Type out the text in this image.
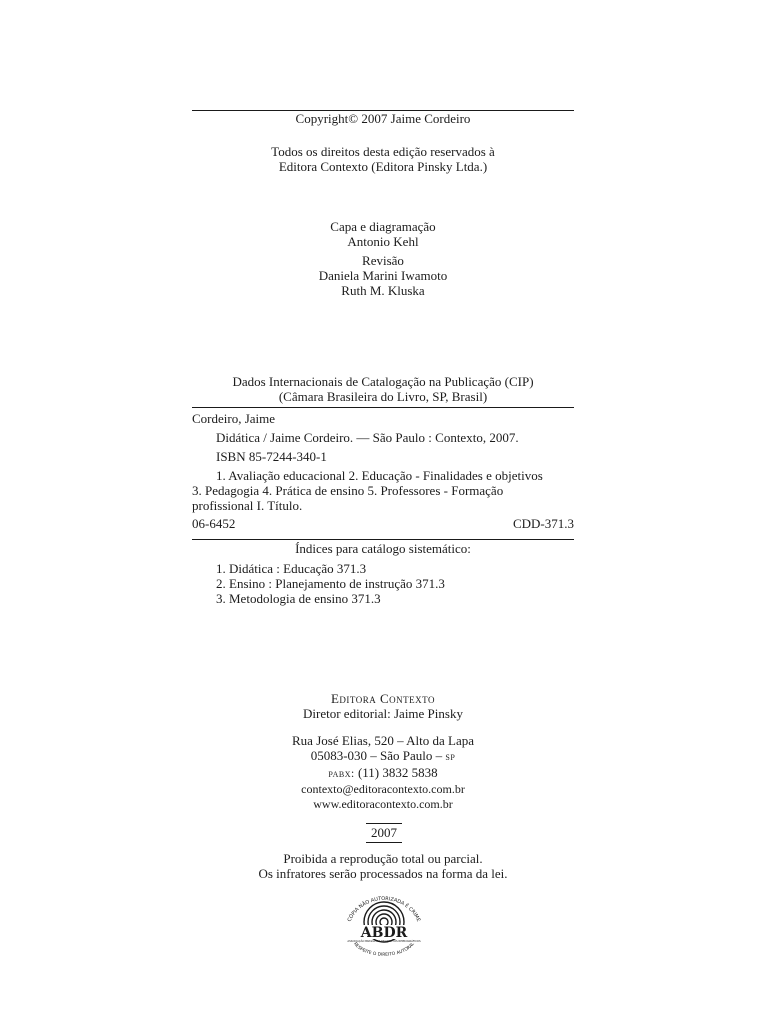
Copyright© 2007 Jaime Cordeiro
Todos os direitos desta edição reservados à
Editora Contexto (Editora Pinsky Ltda.)
Capa e diagramação
Antonio Kehl
Revisão
Daniela Marini Iwamoto
Ruth M. Kluska
Dados Internacionais de Catalogação na Publicação (CIP)
(Câmara Brasileira do Livro, SP, Brasil)
Cordeiro, Jaime
Didática / Jaime Cordeiro. — São Paulo : Contexto, 2007.
ISBN 85-7244-340-1
1. Avaliação educacional 2. Educação - Finalidades e objetivos
3. Pedagogia 4. Prática de ensino 5. Professores - Formação
profissional I. Título.
06-6452	CDD-371.3
Índices para catálogo sistemático:
1. Didática : Educação 371.3
2. Ensino : Planejamento de instrução 371.3
3. Metodologia de ensino 371.3
Editora Contexto
Diretor editorial: Jaime Pinsky
Rua José Elias, 520 – Alto da Lapa
05083-030 – São Paulo – sp
pabx: (11) 3832 5838
contexto@editoracontexto.com.br
www.editoracontexto.com.br
2007
Proibida a reprodução total ou parcial.
Os infratores serão processados na forma da lei.
CÓPIA NÃO AUTORIZADA É CRIME
ABDR
ASSOCIAÇÃO BRASILEIRA DE DIREITOS REPROGRÁFICOS
RESPEITE O DIREITO AUTORAL
